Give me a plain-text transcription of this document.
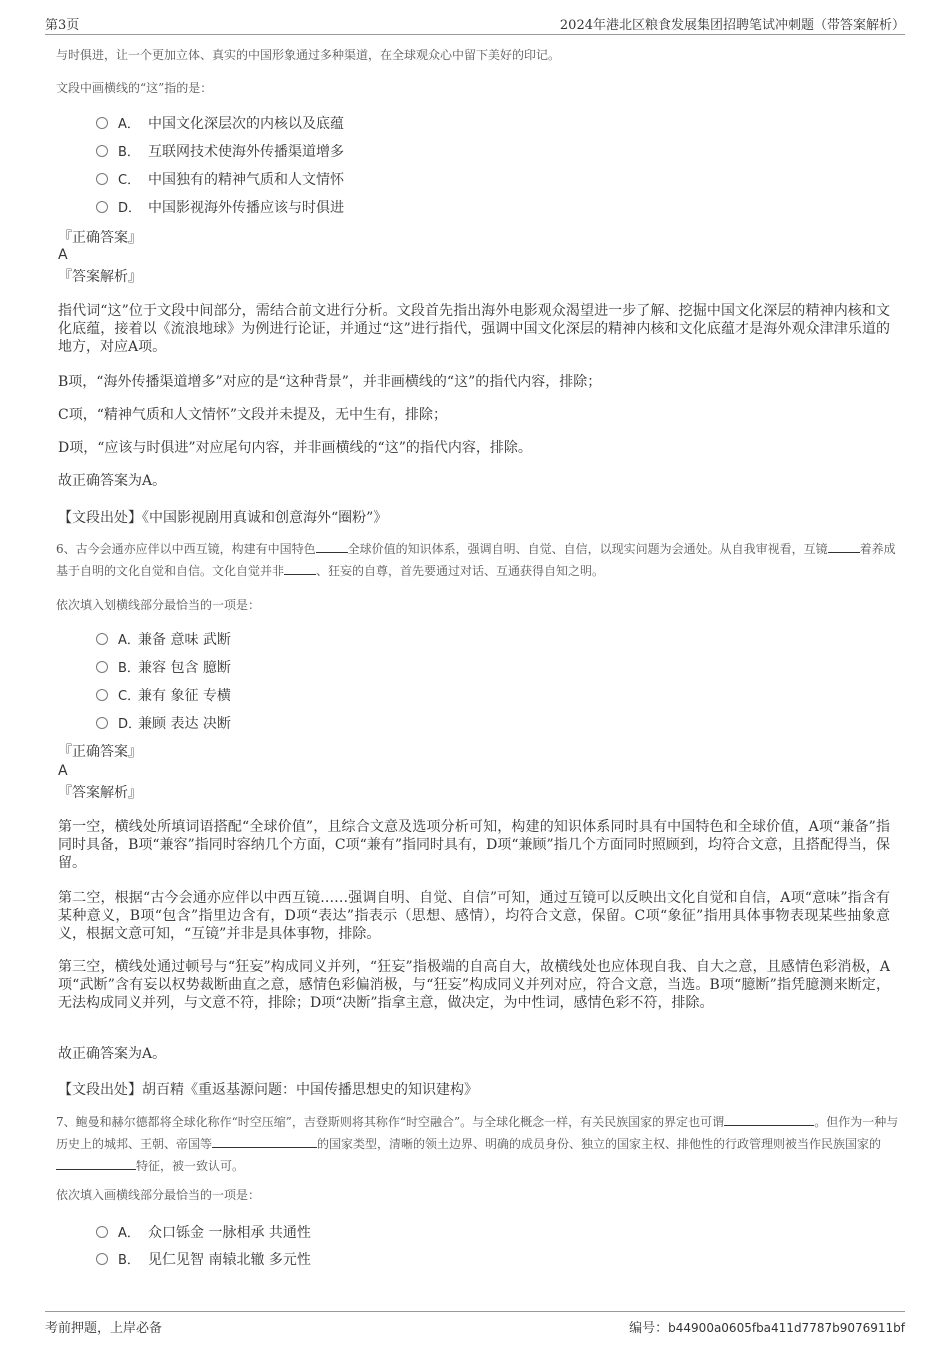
第3页	2024年港北区粮食发展集团招聘笔试冲刺题（带答案解析）
与时俱进，让一个更加立体、真实的中国形象通过多种渠道，在全球观众心中留下美好的印记。
文段中画横线的“这”指的是：
A． 中国文化深层次的内核以及底蕴
B． 互联网技术使海外传播渠道增多
C． 中国独有的精神气质和人文情怀
D． 中国影视海外传播应该与时俱进
『正确答案』
A
『答案解析』
指代词“这”位于文段中间部分，需结合前文进行分析。文段首先指出海外电影观众渴望进一步了解、挖掘中国文化深层的精神内核和文化底蕴，接着以《流浪地球》为例进行论证，并通过“这”进行指代，强调中国文化深层的精神内核和文化底蕴才是海外观众津津乐道的地方，对应A项。
B项，“海外传播渠道增多”对应的是“这种背景”，并非画横线的“这”的指代内容，排除；
C项，“精神气质和人文情怀”文段并未提及，无中生有，排除；
D项，“应该与时俱进”对应尾句内容，并非画横线的“这”的指代内容，排除。
故正确答案为A。
【文段出处】《中国影视剧用真诚和创意海外“圈粉”》
6、古今会通亦应伴以中西互镜，构建有中国特色	全球价值的知识体系，强调自明、自觉、自信，以现实问题为会通处。从自我审视看，互镜	着养成基于自明的文化自觉和自信。文化自觉并非	、狂妄的自尊，首先要通过对话、互通获得自知之明。
依次填入划横线部分最恰当的一项是：
A．兼备 意味 武断
B．兼容 包含 臆断
C．兼有 象征 专横
D．兼顾 表达 决断
『正确答案』
A
『答案解析』
第一空，横线处所填词语搭配“全球价值”，且综合文意及选项分析可知，构建的知识体系同时具有中国特色和全球价值，A项“兼备”指同时具备，B项“兼容”指同时容纳几个方面，C项“兼有”指同时具有，D项“兼顾”指几个方面同时照顾到，均符合文意，且搭配得当，保留。
第二空，根据“古今会通亦应伴以中西互镜……强调自明、自觉、自信”可知，通过互镜可以反映出文化自觉和自信，A项“意味”指含有某种意义，B项“包含”指里边含有，D项“表达”指表示（思想、感情），均符合文意，保留。C项“象征”指用具体事物表现某些抽象意义，根据文意可知，“互镜”并非是具体事物，排除。
第三空，横线处通过顿号与“狂妄”构成同义并列，“狂妄”指极端的自高自大，故横线处也应体现自我、自大之意，且感情色彩消极，A项“武断”含有妄以权势裁断曲直之意，感情色彩偏消极，与“狂妄”构成同义并列对应，符合文意，当选。B项“臆断”指凭臆测来断定，无法构成同义并列，与文意不符，排除；D项“决断”指拿主意，做决定，为中性词，感情色彩不符，排除。
故正确答案为A。
【文段出处】胡百精《重返基源问题：中国传播思想史的知识建构》
7、鲍曼和赫尔德都将全球化称作“时空压缩”，吉登斯则将其称作“时空融合”。与全球化概念一样，有关民族国家的界定也可谓	。但作为一种与历史上的城邦、王朝、帝国等	的国家类型，清晰的领土边界、明确的成员身份、独立的国家主权、排他性的行政管理则被当作民族国家的特征，被一致认可。
依次填入画横线部分最恰当的一项是：
A． 众口铄金 一脉相承 共通性
B． 见仁见智 南辕北辙 多元性
考前押题，上岸必备	编号：b44900a0605fba411d7787b9076911bf
